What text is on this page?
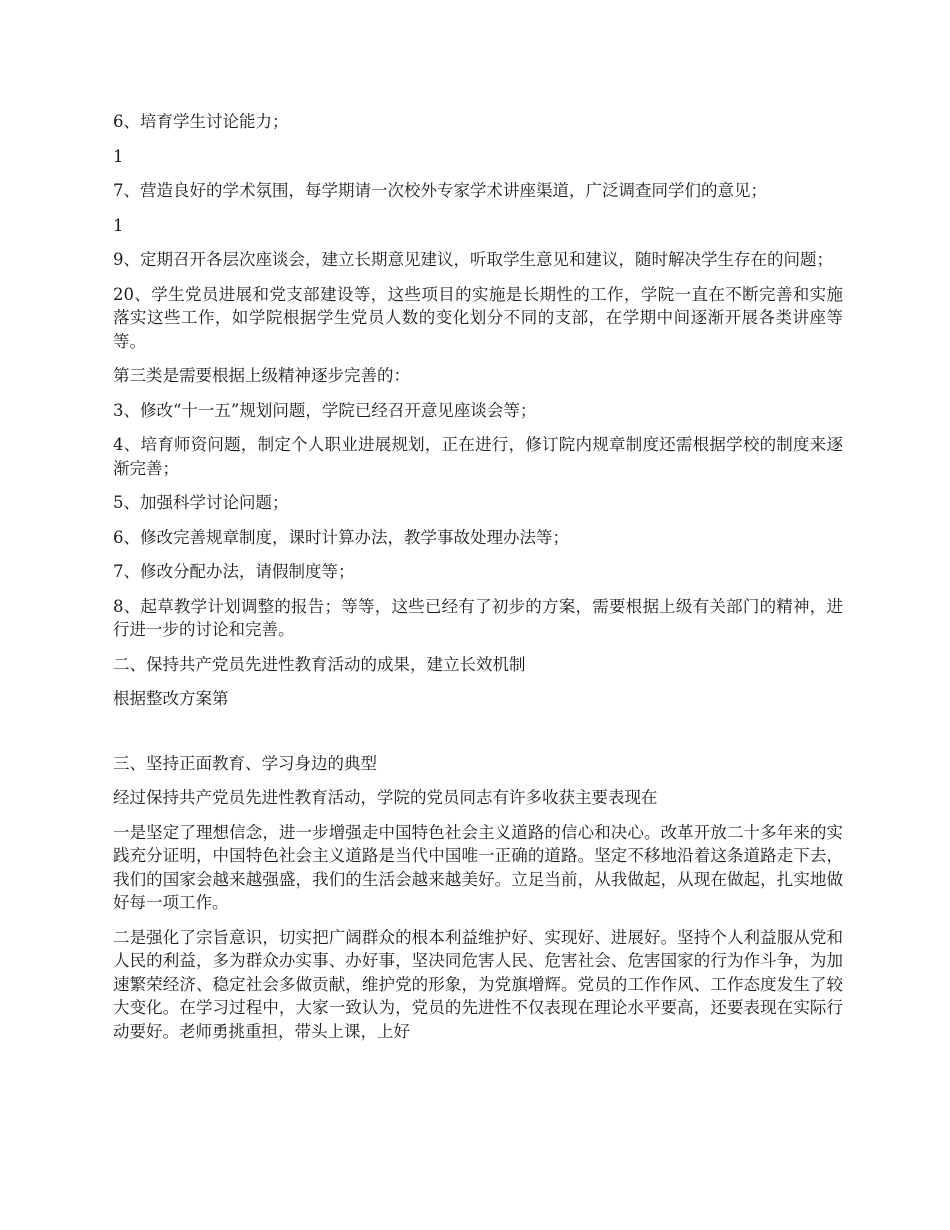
6、培育学生讨论能力；

1

7、营造良好的学术氛围，每学期请一次校外专家学术讲座渠道，广泛调查同学们的意见；

1

9、定期召开各层次座谈会，建立长期意见建议，听取学生意见和建议，随时解决学生存在的问题；

20、学生党员进展和党支部建设等，这些项目的实施是长期性的工作，学院一直在不断完善和实施落实这些工作，如学院根据学生党员人数的变化划分不同的支部，在学期中间逐渐开展各类讲座等等。

第三类是需要根据上级精神逐步完善的：

3、修改“十一五”规划问题，学院已经召开意见座谈会等；

4、培育师资问题，制定个人职业进展规划，正在进行，修订院内规章制度还需根据学校的制度来逐渐完善；

5、加强科学讨论问题；

6、修改完善规章制度，课时计算办法，教学事故处理办法等；

7、修改分配办法，请假制度等；

8、起草教学计划调整的报告；等等，这些已经有了初步的方案，需要根据上级有关部门的精神，进行进一步的讨论和完善。

二、保持共产党员先进性教育活动的成果，建立长效机制

根据整改方案第

三、坚持正面教育、学习身边的典型

经过保持共产党员先进性教育活动，学院的党员同志有许多收获主要表现在

一是坚定了理想信念，进一步增强走中国特色社会主义道路的信心和决心。改革开放二十多年来的实践充分证明，中国特色社会主义道路是当代中国唯一正确的道路。坚定不移地沿着这条道路走下去，我们的国家会越来越强盛，我们的生活会越来越美好。立足当前，从我做起，从现在做起，扎实地做好每一项工作。

二是强化了宗旨意识，切实把广阔群众的根本利益维护好、实现好、进展好。坚持个人利益服从党和人民的利益，多为群众办实事、办好事，坚决同危害人民、危害社会、危害国家的行为作斗争，为加速繁荣经济、稳定社会多做贡献，维护党的形象，为党旗增辉。党员的工作作风、工作态度发生了较大变化。在学习过程中，大家一致认为，党员的先进性不仅表现在理论水平要高，还要表现在实际行动要好。老师勇挑重担，带头上课，上好
